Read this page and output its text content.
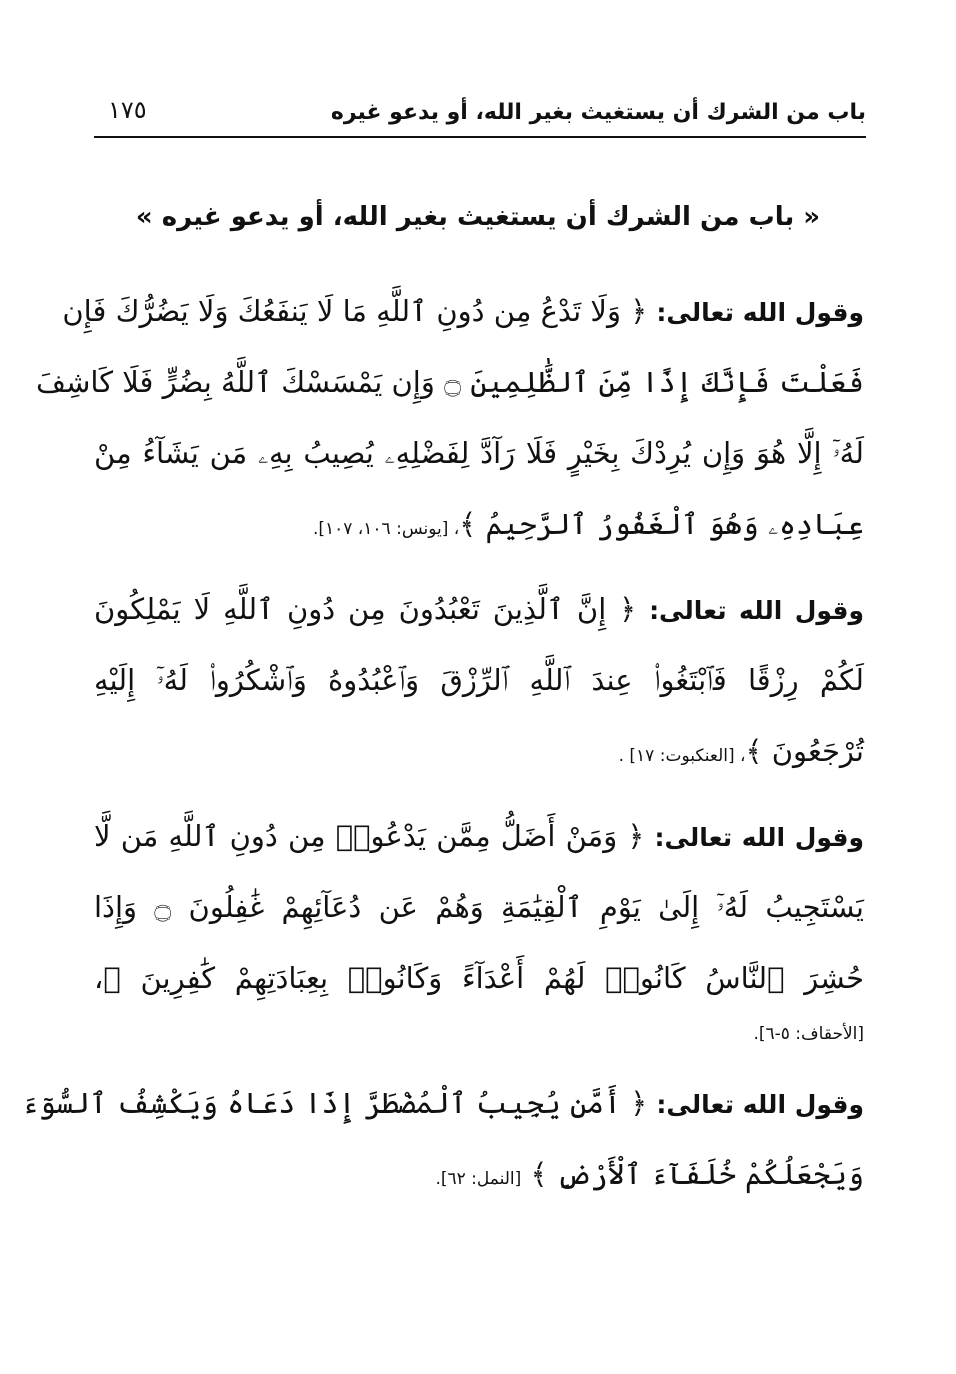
باب من الشرك أن يستغيث بغير الله، أو يدعو غيره
١٧٥
« باب من الشرك أن يستغيث بغير الله، أو يدعو غيره »
وقول الله تعالى: ﴿ وَلَا تَدْعُ مِن دُونِ ٱللَّهِ مَا لَا يَنفَعُكَ وَلَا يَضُرُّكَ فَإِن
فَعَلْتَ فَإِنَّكَ إِذًا مِّنَ ٱلظَّٰلِمِينَ ۝ وَإِن يَمْسَسْكَ ٱللَّهُ بِضُرٍّ فَلَا كَاشِفَ
لَهُۥٓ إِلَّا هُوَ وَإِن يُرِدْكَ بِخَيْرٍ فَلَا رَآدَّ لِفَضْلِهِۦ يُصِيبُ بِهِۦ مَن يَشَآءُ مِنْ
عِبَادِهِۦ وَهُوَ ٱلْغَفُورُ ٱلرَّحِيمُ ﴾، [يونس: ١٠٦، ١٠٧].
وقول الله تعالى: ﴿ إِنَّ ٱلَّذِينَ تَعْبُدُونَ مِن دُونِ ٱللَّهِ لَا يَمْلِكُونَ
لَكُمْ رِزْقًا فَٱبْتَغُوا۟ عِندَ ٱللَّهِ ٱلرِّزْقَ وَٱعْبُدُوهُ وَٱشْكُرُوا۟ لَهُۥٓ إِلَيْهِ
تُرْجَعُونَ ﴾، [العنكبوت: ١٧] .
وقول الله تعالى: ﴿ وَمَنْ أَضَلُّ مِمَّن يَدْعُوا۟ مِن دُونِ ٱللَّهِ مَن لَّا
يَسْتَجِيبُ لَهُۥٓ إِلَىٰ يَوْمِ ٱلْقِيَٰمَةِ وَهُمْ عَن دُعَآئِهِمْ غَٰفِلُونَ ۝ وَإِذَا
حُشِرَ ٱلنَّاسُ كَانُوا۟ لَهُمْ أَعْدَآءً وَكَانُوا۟ بِعِبَادَتِهِمْ كَٰفِرِينَ ﴾،
[الأحقاف: ٥-٦].
وقول الله تعالى: ﴿ أَمَّن يُجِيبُ ٱلْمُضْطَرَّ إِذَا دَعَاهُ وَيَكْشِفُ ٱلسُّوٓءَ
وَيَجْعَلُكُمْ خُلَفَآءَ ٱلْأَرْضِ ﴾ [النمل: ٦٢].
